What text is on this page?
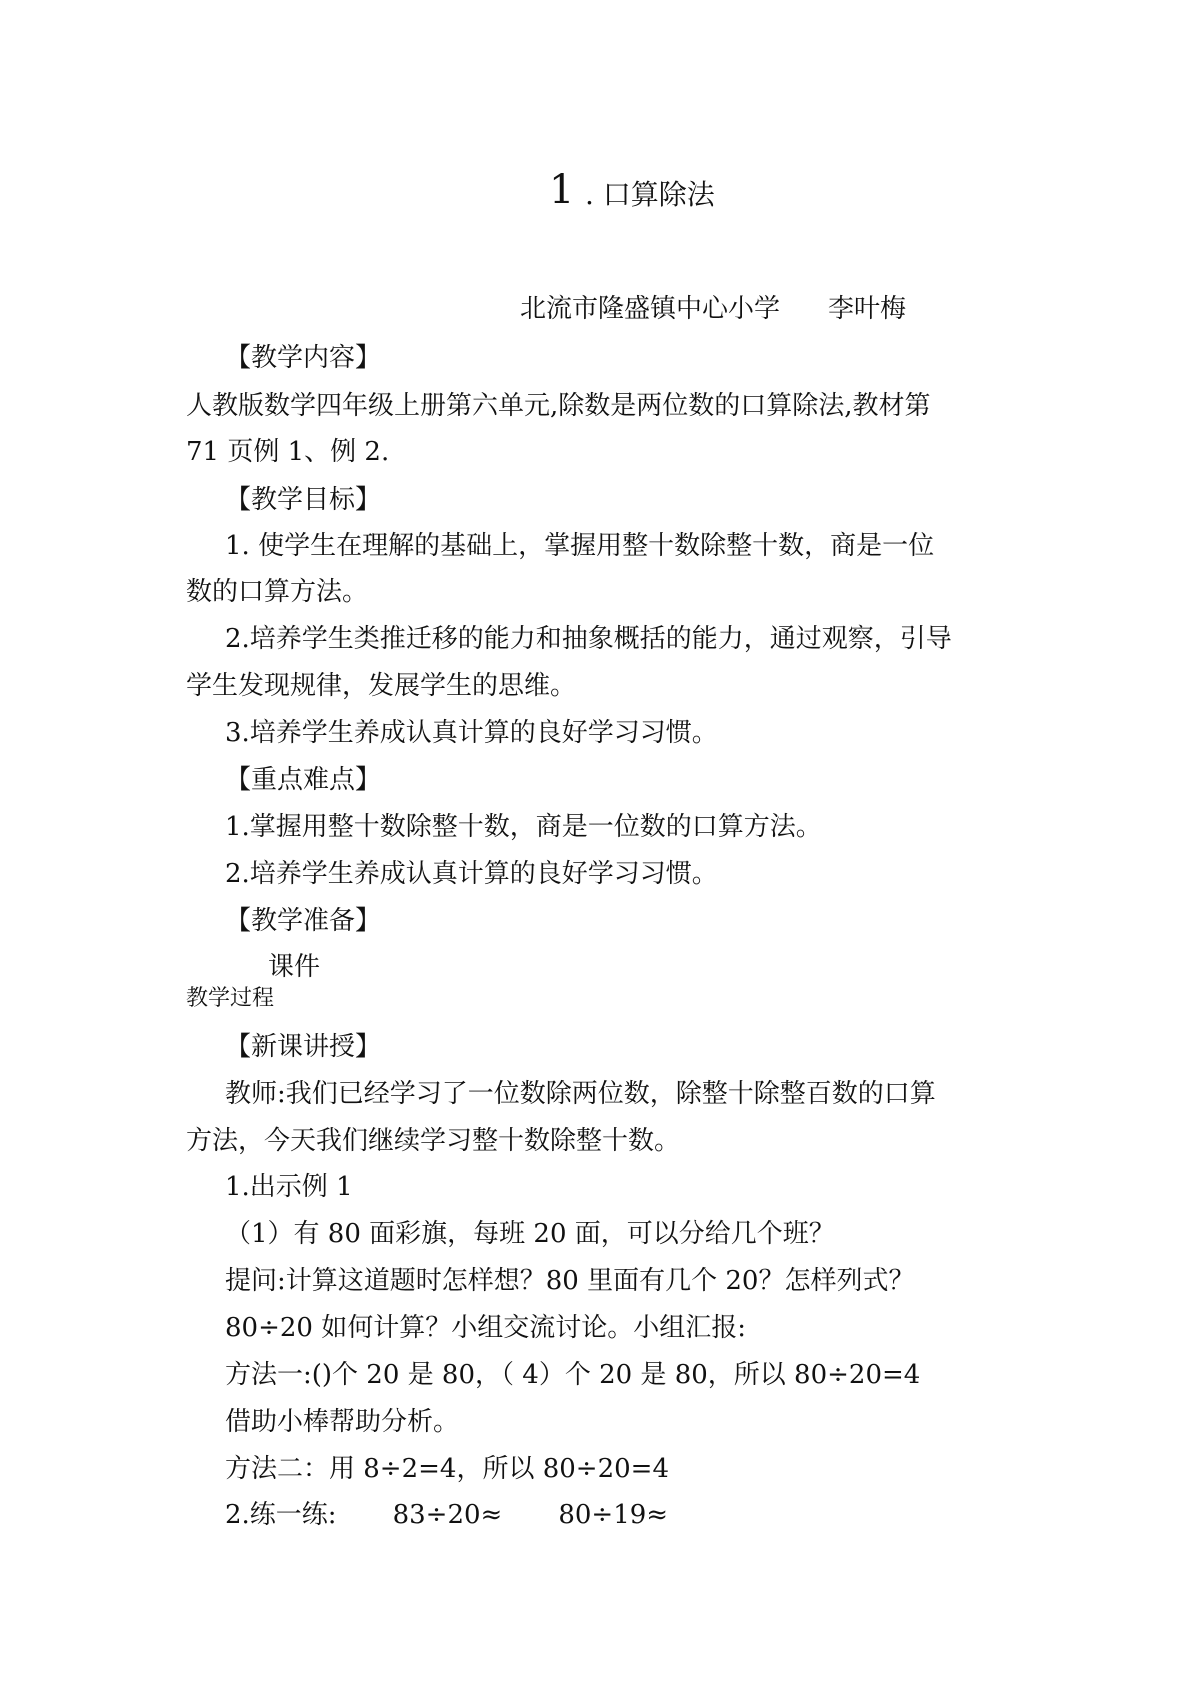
1 . 口算除法
北流市隆盛镇中心小学 李叶梅
【教学内容】
人教版数学四年级上册第六单元,除数是两位数的口算除法,教材第
71 页例 1、例 2.
【教学目标】
1. 使学生在理解的基础上，掌握用整十数除整十数，商是一位
数的口算方法。
2.培养学生类推迁移的能力和抽象概括的能力，通过观察，引导
学生发现规律，发展学生的思维。
3.培养学生养成认真计算的良好学习习惯。
【重点难点】
1.掌握用整十数除整十数，商是一位数的口算方法。
2.培养学生养成认真计算的良好学习习惯。
【教学准备】
课件
教学过程
【新课讲授】
教师:我们已经学习了一位数除两位数，除整十除整百数的口算
方法，今天我们继续学习整十数除整十数。
1.出示例 1
（1）有 80 面彩旗，每班 20 面，可以分给几个班？
提问:计算这道题时怎样想？80 里面有几个 20？怎样列式？
80÷20 如何计算？小组交流讨论。小组汇报:
方法一:()个 20 是 80，（ 4）个 20 是 80，所以 80÷20=4
借助小棒帮助分析。
方法二：用 8÷2=4，所以 80÷20=4
2.练一练: 83÷20≈ 80÷19≈
